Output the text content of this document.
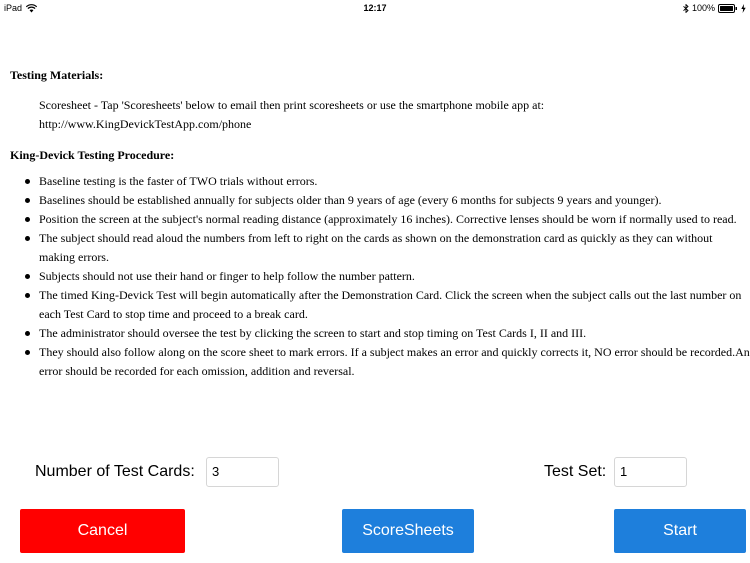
iPad	12:17	100%

Testing Materials:

Scoresheet - Tap 'Scoresheets' below to email then print scoresheets or use the smartphone mobile app at:
http://www.KingDevickTestApp.com/phone

King-Devick Testing Procedure:

Baseline testing is the faster of TWO trials without errors.
Baselines should be established annually for subjects older than 9 years of age (every 6 months for subjects 9 years and younger).
Position the screen at the subject's normal reading distance (approximately 16 inches). Corrective lenses should be worn if normally used to read.
The subject should read aloud the numbers from left to right on the cards as shown on the demonstration card as quickly as they can without making errors.
Subjects should not use their hand or finger to help follow the number pattern.
The timed King-Devick Test will begin automatically after the Demonstration Card. Click the screen when the subject calls out the last number on each Test Card to stop time and proceed to a break card.
The administrator should oversee the test by clicking the screen to start and stop timing on Test Cards I, II and III.
They should also follow along on the score sheet to mark errors. If a subject makes an error and quickly corrects it, NO error should be recorded.An error should be recorded for each omission, addition and reversal.
Number of Test Cards:	3	Test Set:	1
Cancel	ScoreSheets	Start
